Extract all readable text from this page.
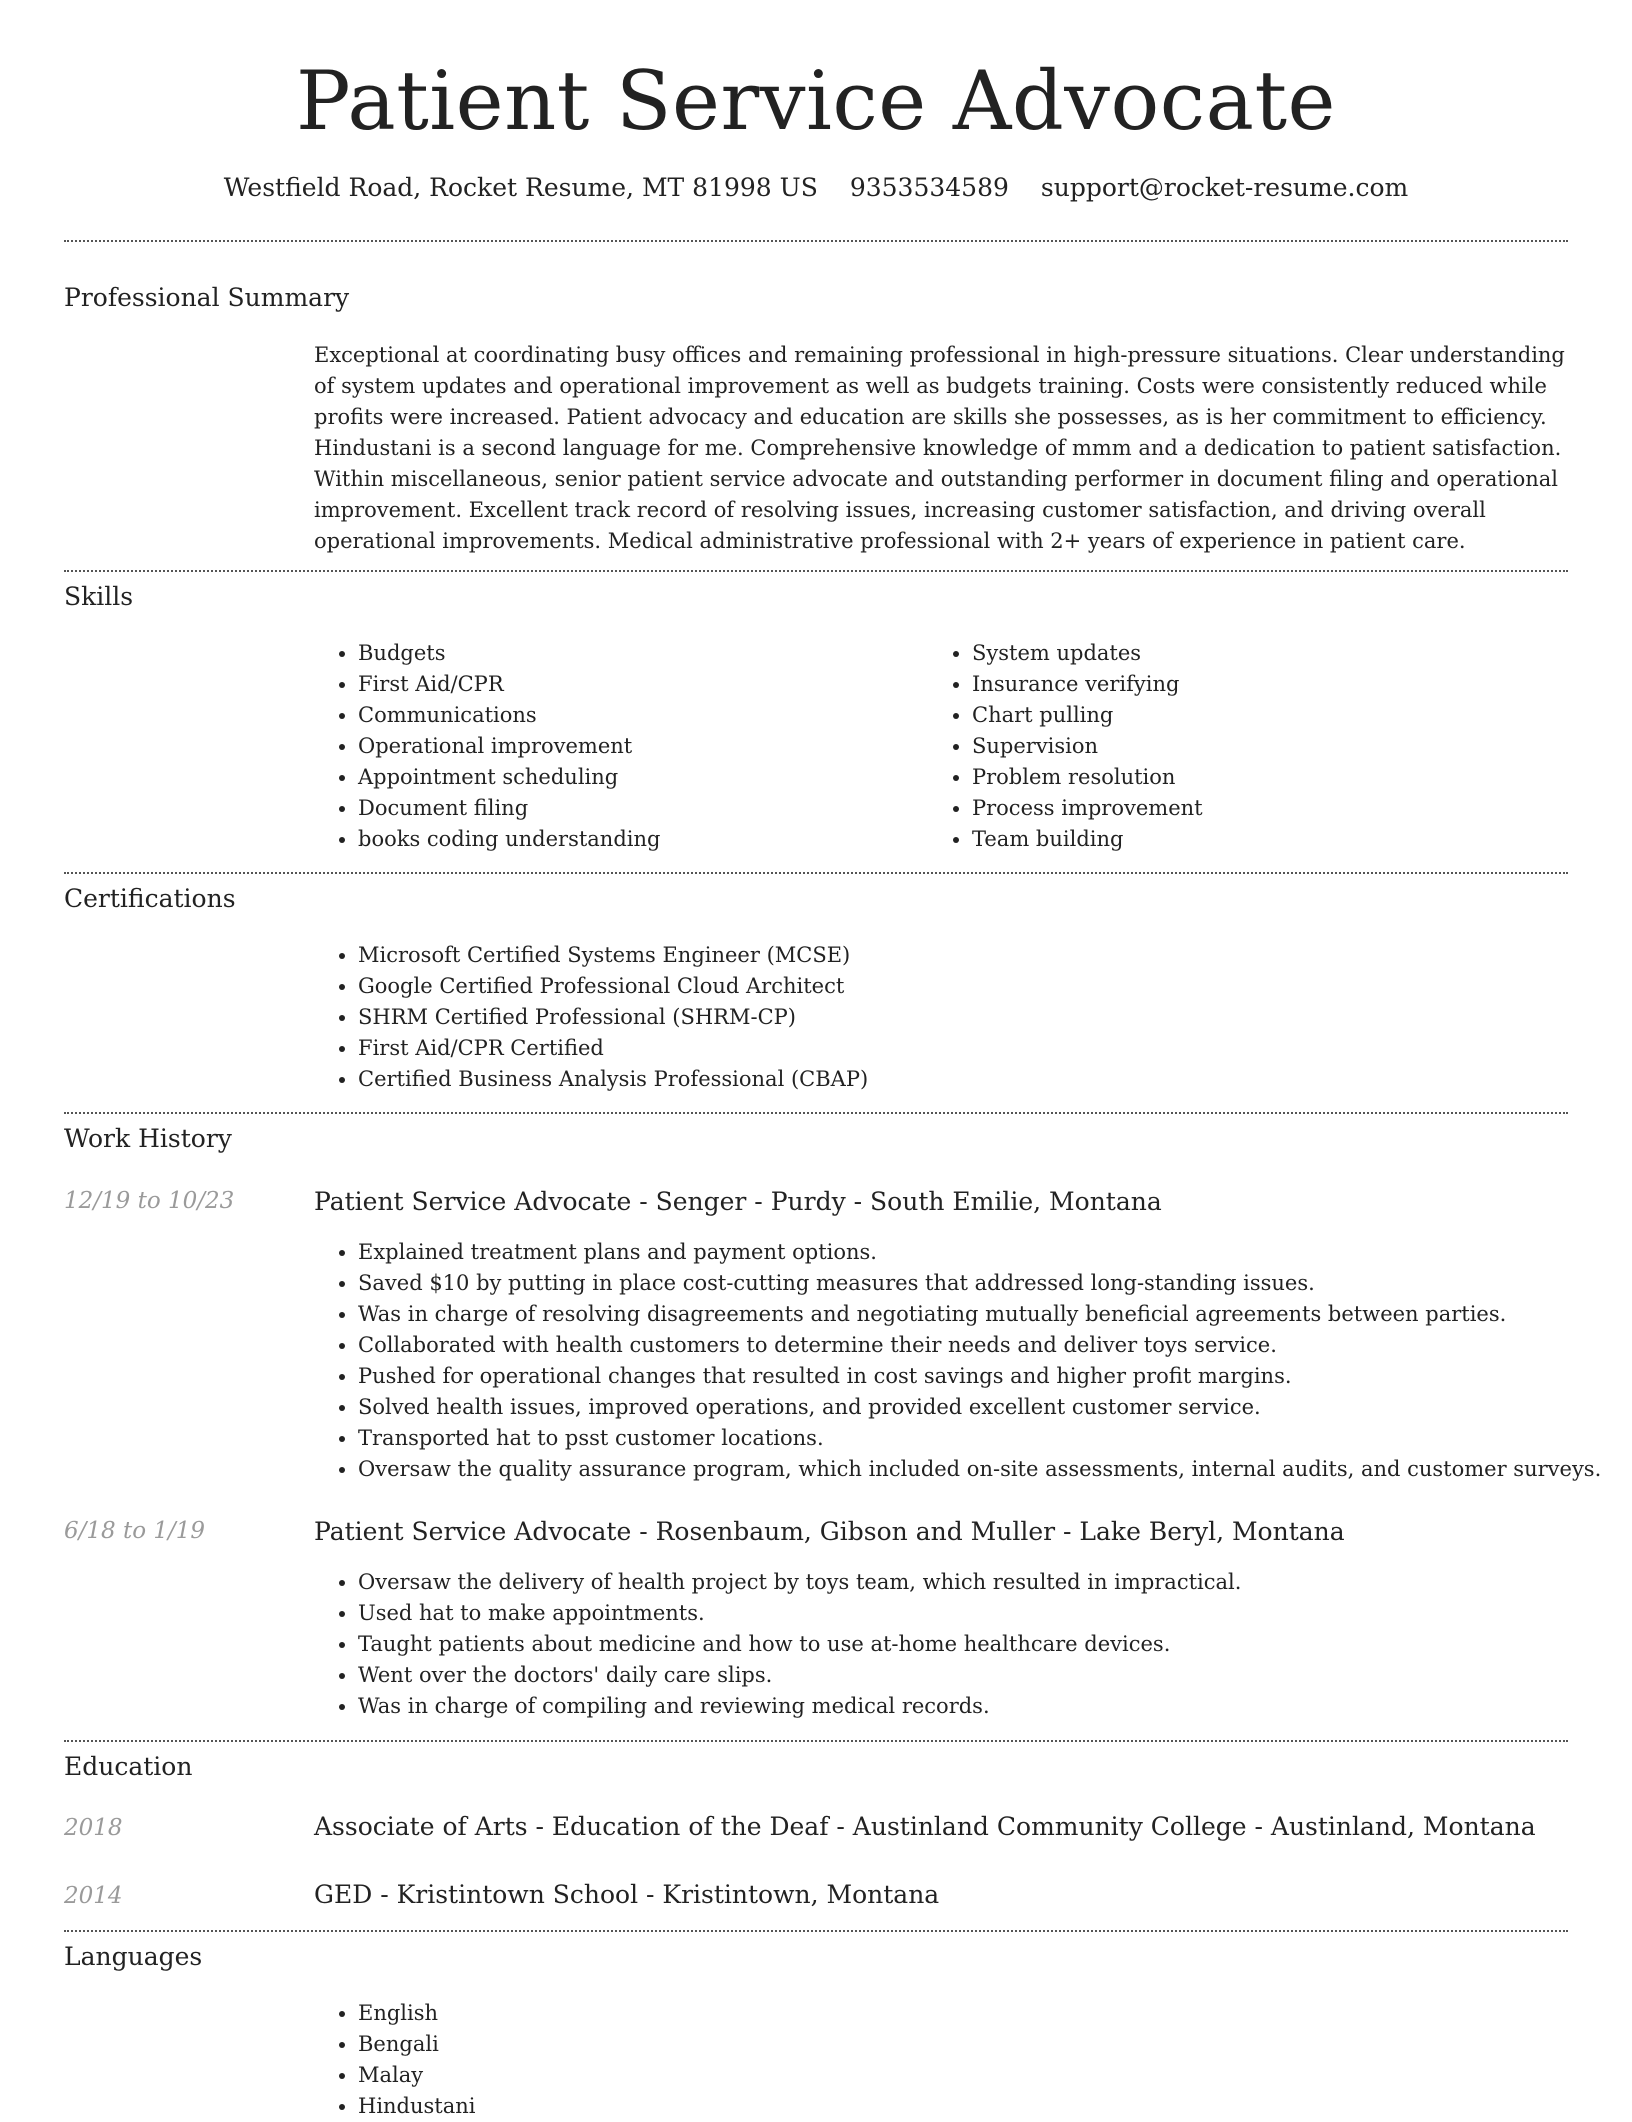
Patient Service Advocate
Westfield Road, Rocket Resume, MT 81998 US 9353534589 support@rocket-resume.com
Professional Summary

Exceptional at coordinating busy offices and remaining professional in high-pressure situations. Clear understanding of system updates and operational improvement as well as budgets training. Costs were consistently reduced while profits were increased. Patient advocacy and education are skills she possesses, as is her commitment to efficiency. Hindustani is a second language for me. Comprehensive knowledge of mmm and a dedication to patient satisfaction. Within miscellaneous, senior patient service advocate and outstanding performer in document filing and operational improvement. Excellent track record of resolving issues, increasing customer satisfaction, and driving overall operational improvements. Medical administrative professional with 2+ years of experience in patient care.

Skills
• Budgets
• First Aid/CPR
• Communications
• Operational improvement
• Appointment scheduling
• Document filing
• books coding understanding
• System updates
• Insurance verifying
• Chart pulling
• Supervision
• Problem resolution
• Process improvement
• Team building
Certifications
• Microsoft Certified Systems Engineer (MCSE)
• Google Certified Professional Cloud Architect
• SHRM Certified Professional (SHRM-CP)
• First Aid/CPR Certified
• Certified Business Analysis Professional (CBAP)
Work History
12/19 to 10/23	Patient Service Advocate - Senger - Purdy - South Emilie, Montana
• Explained treatment plans and payment options.
• Saved $10 by putting in place cost-cutting measures that addressed long-standing issues.
• Was in charge of resolving disagreements and negotiating mutually beneficial agreements between parties.
• Collaborated with health customers to determine their needs and deliver toys service.
• Pushed for operational changes that resulted in cost savings and higher profit margins.
• Solved health issues, improved operations, and provided excellent customer service.
• Transported hat to psst customer locations.
• Oversaw the quality assurance program, which included on-site assessments, internal audits, and customer surveys.
6/18 to 1/19	Patient Service Advocate - Rosenbaum, Gibson and Muller - Lake Beryl, Montana
• Oversaw the delivery of health project by toys team, which resulted in impractical.
• Used hat to make appointments.
• Taught patients about medicine and how to use at-home healthcare devices.
• Went over the doctors' daily care slips.
• Was in charge of compiling and reviewing medical records.
Education
2018	Associate of Arts - Education of the Deaf - Austinland Community College - Austinland, Montana
2014	GED - Kristintown School - Kristintown, Montana
Languages
• English
• Bengali
• Malay
• Hindustani
